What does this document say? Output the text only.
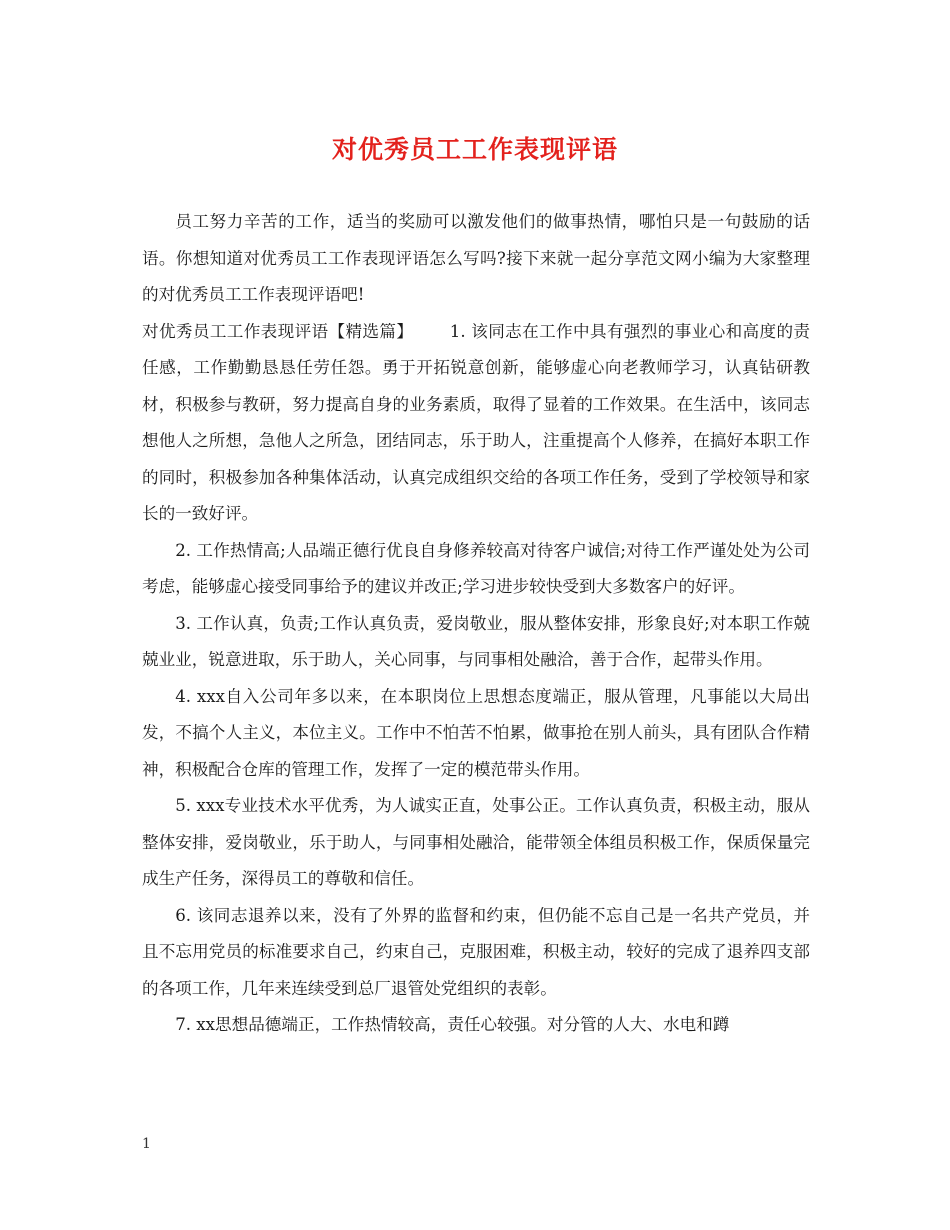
对优秀员工工作表现评语

员工努力辛苦的工作，适当的奖励可以激发他们的做事热情，哪怕只是一句鼓励的话语。你想知道对优秀员工工作表现评语怎么写吗?接下来就一起分享范文网小编为大家整理的对优秀员工工作表现评语吧!

对优秀员工工作表现评语【精选篇】 1. 该同志在工作中具有强烈的事业心和高度的责任感，工作勤勤恳恳任劳任怨。勇于开拓锐意创新，能够虚心向老教师学习，认真钻研教材，积极参与教研，努力提高自身的业务素质，取得了显着的工作效果。在生活中，该同志想他人之所想，急他人之所急，团结同志，乐于助人，注重提高个人修养，在搞好本职工作的同时，积极参加各种集体活动，认真完成组织交给的各项工作任务，受到了学校领导和家长的一致好评。

2. 工作热情高;人品端正德行优良自身修养较高对待客户诚信;对待工作严谨处处为公司考虑，能够虚心接受同事给予的建议并改正;学习进步较快受到大多数客户的好评。

3. 工作认真，负责;工作认真负责，爱岗敬业，服从整体安排，形象良好;对本职工作兢兢业业，锐意进取，乐于助人，关心同事，与同事相处融洽，善于合作，起带头作用。

4. xxx自入公司年多以来，在本职岗位上思想态度端正，服从管理，凡事能以大局出发，不搞个人主义，本位主义。工作中不怕苦不怕累，做事抢在别人前头，具有团队合作精神，积极配合仓库的管理工作，发挥了一定的模范带头作用。

5. xxx专业技术水平优秀，为人诚实正直，处事公正。工作认真负责，积极主动，服从整体安排，爱岗敬业，乐于助人，与同事相处融洽，能带领全体组员积极工作，保质保量完成生产任务，深得员工的尊敬和信任。

6. 该同志退养以来，没有了外界的监督和约束，但仍能不忘自己是一名共产党员，并且不忘用党员的标准要求自己，约束自己，克服困难，积极主动，较好的完成了退养四支部的各项工作，几年来连续受到总厂退管处党组织的表彰。

7. xx思想品德端正，工作热情较高，责任心较强。对分管的人大、水电和蹲

1
